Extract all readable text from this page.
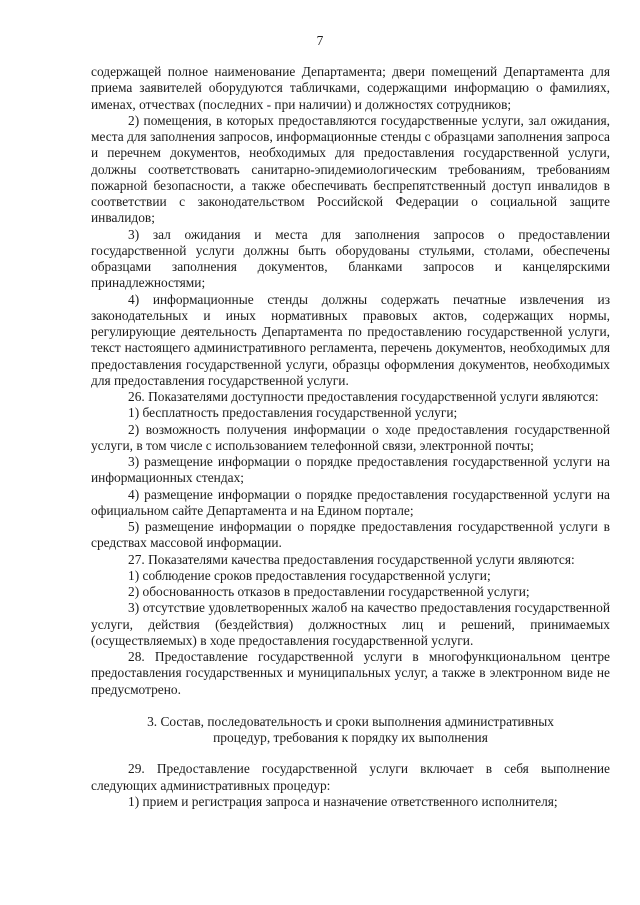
7

содержащей полное наименование Департамента; двери помещений Департамента для приема заявителей оборудуются табличками, содержащими информацию о фамилиях, именах, отчествах (последних - при наличии) и должностях сотрудников;

2) помещения, в которых предоставляются государственные услуги, зал ожидания, места для заполнения запросов, информационные стенды с образцами заполнения запроса и перечнем документов, необходимых для предоставления государственной услуги, должны соответствовать санитарно-эпидемиологическим требованиям, требованиям пожарной безопасности, а также обеспечивать беспрепятственный доступ инвалидов в соответствии с законодательством Российской Федерации о социальной защите инвалидов;

3) зал ожидания и места для заполнения запросов о предоставлении государственной услуги должны быть оборудованы стульями, столами, обеспечены образцами заполнения документов, бланками запросов и канцелярскими принадлежностями;

4) информационные стенды должны содержать печатные извлечения из законодательных и иных нормативных правовых актов, содержащих нормы, регулирующие деятельность Департамента по предоставлению государственной услуги, текст настоящего административного регламента, перечень документов, необходимых для предоставления государственной услуги, образцы оформления документов, необходимых для предоставления государственной услуги.

26. Показателями доступности предоставления государственной услуги являются:

1) бесплатность предоставления государственной услуги;

2) возможность получения информации о ходе предоставления государственной услуги, в том числе с использованием телефонной связи, электронной почты;

3) размещение информации о порядке предоставления государственной услуги на информационных стендах;

4) размещение информации о порядке предоставления государственной услуги на официальном сайте Департамента и на Едином портале;

5) размещение информации о порядке предоставления государственной услуги в средствах массовой информации.

27. Показателями качества предоставления государственной услуги являются:

1) соблюдение сроков предоставления государственной услуги;

2) обоснованность отказов в предоставлении государственной услуги;

3) отсутствие удовлетворенных жалоб на качество предоставления государственной услуги, действия (бездействия) должностных лиц и решений, принимаемых (осуществляемых) в ходе предоставления государственной услуги.

28. Предоставление государственной услуги в многофункциональном центре предоставления государственных и муниципальных услуг, а также в электронном виде не предусмотрено.

3. Состав, последовательность и сроки выполнения административных
процедур, требования к порядку их выполнения

29. Предоставление государственной услуги включает в себя выполнение следующих административных процедур:

1) прием и регистрация запроса и назначение ответственного исполнителя;
